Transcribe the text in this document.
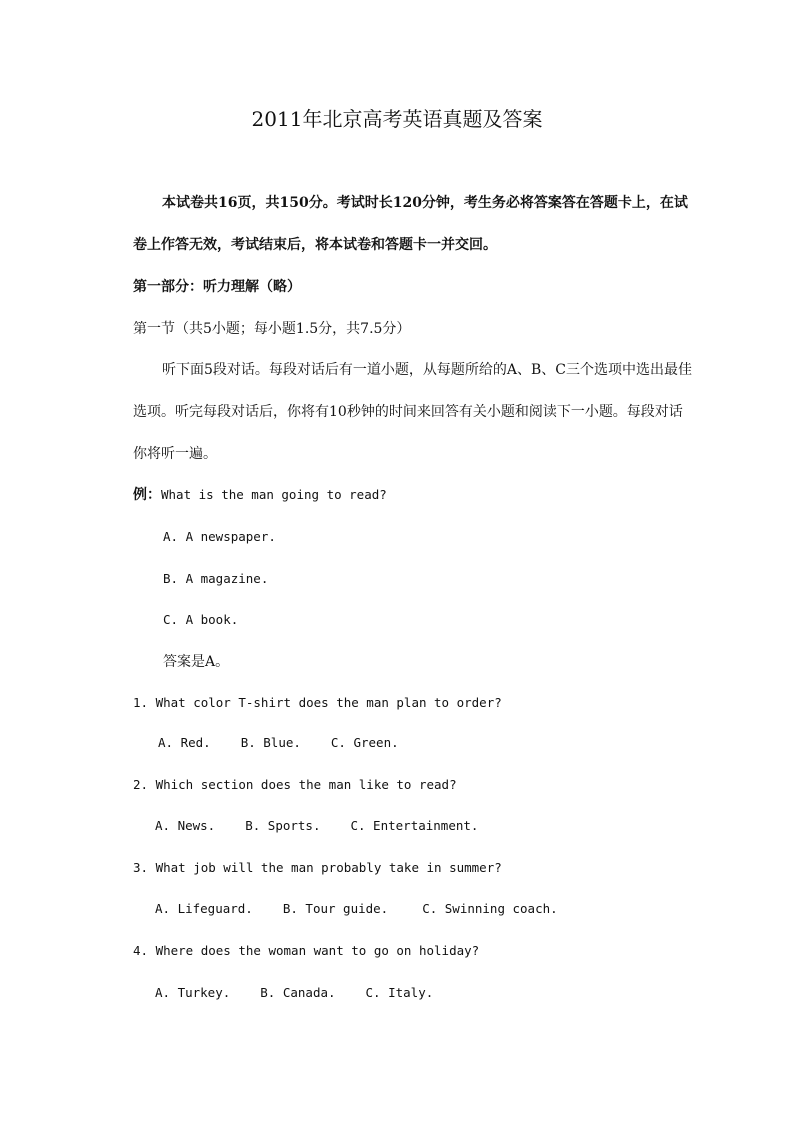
2011年北京高考英语真题及答案
本试卷共16页，共150分。考试时长120分钟，考生务必将答案答在答题卡上，在试
卷上作答无效，考试结束后，将本试卷和答题卡一并交回。
第一部分：听力理解（略）
第一节（共5小题；每小题1.5分，共7.5分）
听下面5段对话。每段对话后有一道小题，从每题所给的A、B、C三个选项中选出最佳
选项。听完每段对话后，你将有10秒钟的时间来回答有关小题和阅读下一小题。每段对话
你将听一遍。
例：What is the man going to read?
A. A newspaper.
B. A magazine.
C. A book.
答案是A。
1. What color T-shirt does the man plan to order?
A. Red. B. Blue. C. Green.
2. Which section does the man like to read?
A. News. B. Sports. C. Entertainment.
3. What job will the man probably take in summer?
A. Lifeguard. B. Tour guide.	C. Swinning coach.
4. Where does the woman want to go on holiday?
A. Turkey. B. Canada. C. Italy.
